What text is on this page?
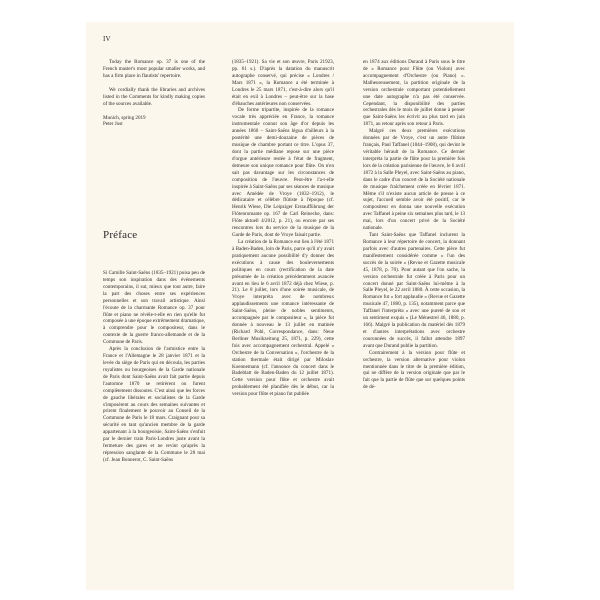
IV

Today the Romance op. 37 is one of the French master's most popular smaller works, and has a firm place in flautists' repertoire.

We cordially thank the libraries and archives listed in the Comments for kindly making copies of the sources available.

Munich, spring 2019

Peter Jost

Préface

Si Camille Saint-Saëns (1835–1921) puisa peu de temps son inspiration dans des événements contemporains, il sut, mieux que tout autre, faire la part des choses entre ses expériences personnelles et son travail artistique. Ainsi l'écoute de la charmante Romance op. 37 pour flûte et piano ne révèle-t-elle en rien qu'elle fut composée à une époque extrêmement dramatique, à comprendre pour le compositeur, dans le contexte de la guerre franco-allemande et de la Commune de Paris.

Après la conclusion de l'armistice entre la France et l'Allemagne le 28 janvier 1871 et la levée du siège de Paris qui en découla, les parties royalistes ou bourgeoises de la Garde nationale de Paris dont Saint-Saëns avait fait partie depuis l'automne 1870 se retirèrent ou furent complètement dissoutes. C'est ainsi que les forces de gauche libérales et socialistes de la Garde s'imposèrent au cours des semaines suivantes et prirent finalement le pouvoir au Conseil de la Commune de Paris le 18 mars. Craignant pour sa sécurité en tant qu'ancien membre de la garde appartenant à la bourgeoisie, Saint-Saëns s'enfuit par le dernier train Paris-Londres juste avant la fermeture des gares et ne revint qu'après la répression sanglante de la Commune le 28 mai (cf. Jean Bonnerot, C. Saint-Saëns

(1835–1921). Sa vie et son œuvre, Paris 21923, pp. 61 s.). D'après la datation du manuscrit autographe conservé, qui précise « Londres / Mars 1871 », la Romance a été terminée à Londres le 25 mars 1871, c'est-à-dire alors qu'il était en exil à Londres – peut-être sur la base d'ébauches antérieures non conservées.

De forme tripartite, inspirée de la romance vocale très appréciée en France, la romance instrumentale connut son âge d'or depuis les années 1860 – Saint-Saëns légua d'ailleurs à la postérité une demi-douzaine de pièces de musique de chambre portant ce titre. L'opus 37, dont la partie médiane repose sur une pièce d'orgue antérieure restée à l'état de fragment, demeure son unique romance pour flûte. On n'en sait pas davantage sur les circonstances de composition de l'œuvre. Peut-être l'a-t-elle inspirée à Saint-Saëns par ses séances de musique avec Amédée de Vroye (1832–1912), le dédicataire et célèbre flûtiste à l'époque (cf. Henrik Wiese, Die Leipziger Erstaufführung der Flötenromante op. 167 de Carl Reinecke, dans: Flöte aktuell 4/2012, p. 21), ou encore par ses rencontres lors du service de la musique de la Garde de Paris, dont de Vroye faisait partie.

La création de la Romance eut lieu à l'été 1871 à Baden-Baden, loin de Paris, parce qu'il n'y avait pratiquement aucune possibilité d'y donner des exécutions à cause des bouleversements politiques en cours (rectification de la date présumée de la création précédemment avancée avant en lieu le 6 avril 1872 déjà chez Wiese, p. 21). Le 8 juillet, lors d'une soirée musicale, de Vroye interpréta avec de nombreux applaudissements une romance intéressante de Saint-Saëns, pleine de nobles sentiments, accompagnée par le compositeur », la pièce fut donnée à nouveau le 13 juillet en matinée (Richard Pohl, Correspondance, dans: Neue Berliner Musikzeitung 25, 1871, p. 229), cette fois avec accompagnement orchestral. Appelé « Orchestre de la Conversation », l'orchestre de la station thermale était dirigé par Miloslav Koennemann (cf. l'annonce du concert dans le Badeblatt de Baden-Baden du 12 juillet 1871). Cette version pour flûte et orchestre avait probablement été planifiée dès le début, car la version pour flûte et piano fut publiée

en 1874 aux éditions Durand à Paris sous le titre de « Romance pour Flûte (ou Violon) avec accompagnement d'Orchestre (ou Piano) ». Malheureusement, la partition originale de la version orchestrale comportant potentiellement une date autographe n'a pas été conservée. Cependant, la disponibilité des parties orchestrales dès le mois de juillet donne à penser que Saint-Saëns les écrivit au plus tard en juin 1871, au retour après son retour à Paris.

Malgré ces deux premières exécutions données par de Vroye, c'est un autre flûtiste français, Paul Taffanel (1844–1908), qui devint le véritable hérault de la Romance. Ce dernier interpréta la partie de flûte pour la première fois lors de la création parisienne de l'œuvre, le 6 avril 1872 à la Salle Pleyel, avec Saint-Saëns au piano, dans le cadre d'un concert de la Société nationale de musique fraîchement créée en février 1871. Même s'il n'existe aucun article de presse à ce sujet, l'accueil semble avoir été positif, car le compositeur en donna une nouvelle exécution avec Taffanel à peine six semaines plus tard, le 13 mai, lors d'un concert privé de la Société nationale.

Tant Saint-Saëns que Taffanel inclurent la Romance à leur répertoire de concert, la donnant parfois avec d'autres partenaires. Cette pièce fut manifestement considérée comme « l'un des succès de la soirée » (Revue et Gazette musicale 45, 1878, p. 70). Pour autant que l'on sache, la version orchestrale fut créée à Paris pour un concert donné par Saint-Saëns lui-même à la Salle Pleyel, le 22 avril 1880. À cette occasion, la Romance fut « fort applaudie » (Revue et Gazette musicale 47, 1880, p. 135), notamment parce que Taffanel l'interpréta « avec une pureté de son et un sentiment exquis » (Le Ménestrel 46, 1880, p. 166). Malgré la publication du matériel dès 1879 et d'autres interprétations avec orchestre couronnées de succès, il fallut attendre 1897 avant que Durand publie la partition.

Contrairement à la version pour flûte et orchestre, la version alternative pour violon mentionnée dans le titre de la première édition, qui ne diffère de la version originale que par le fait que la partie de flûte que sur quelques points de dé-
